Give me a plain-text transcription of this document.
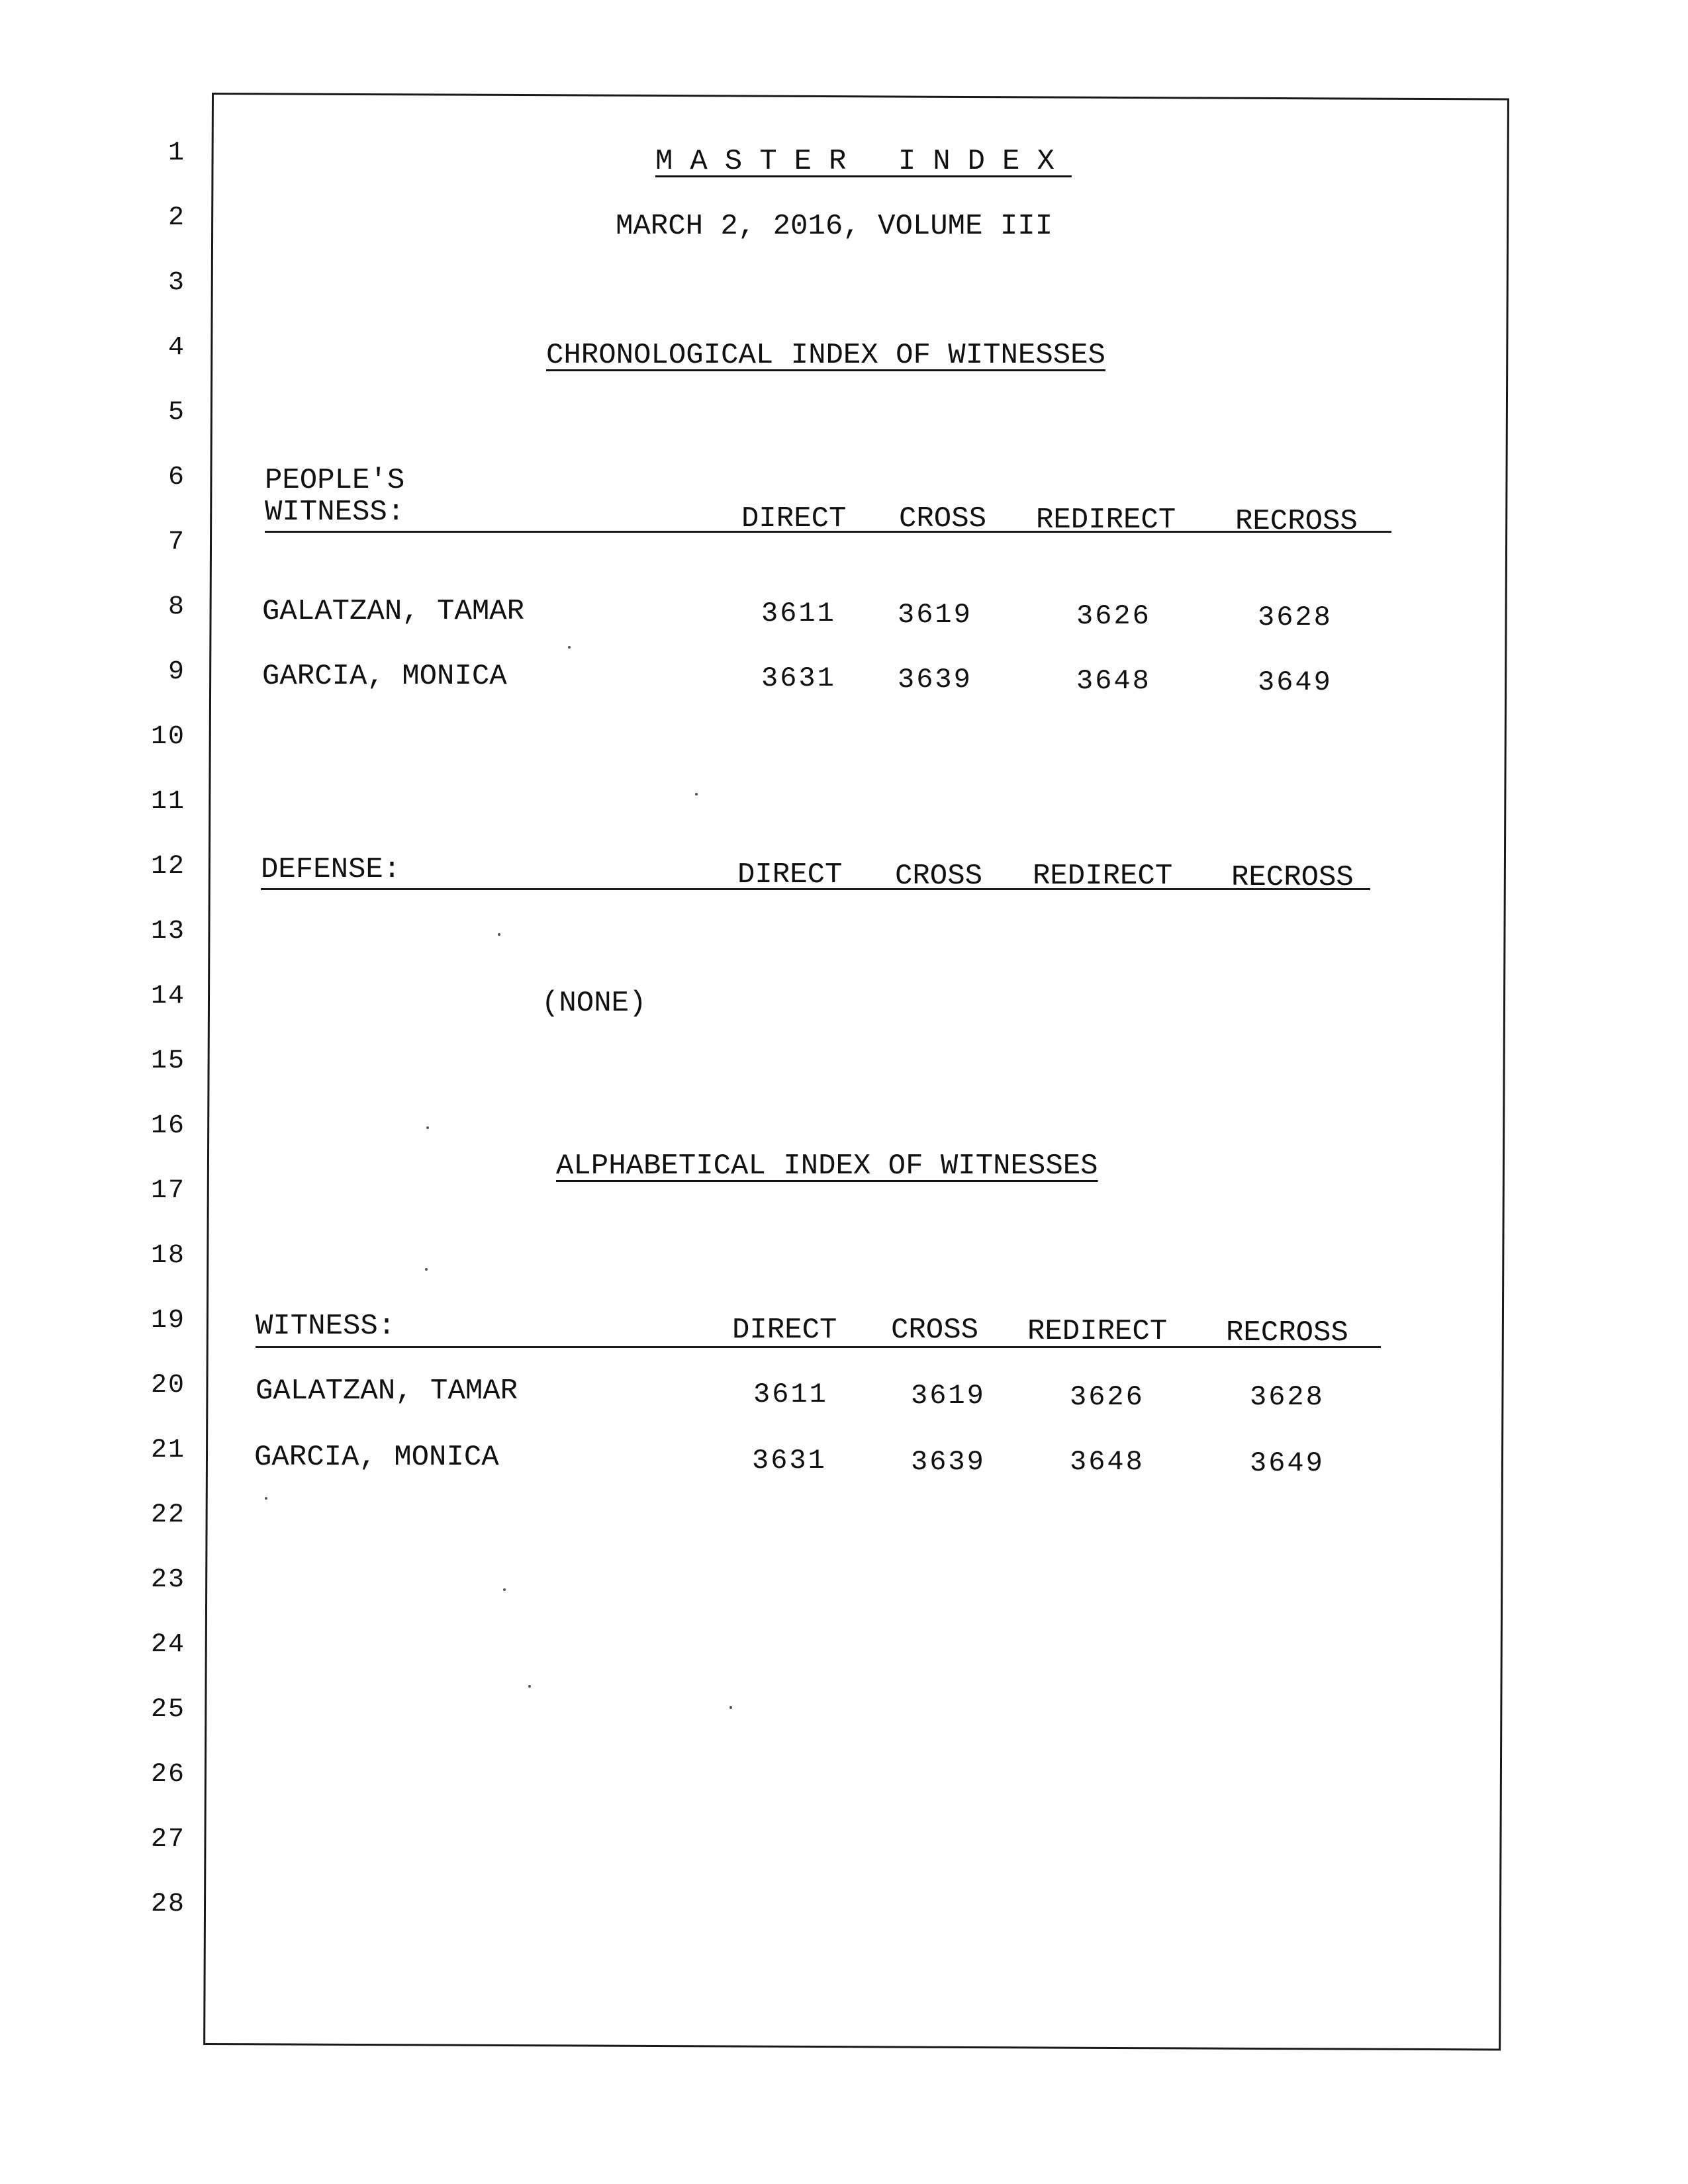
1
2
3
4
5
6
7
8
9
10
11
12
13
14
15
16
17
18
19
20
21
22
23
24
25
26
27
28
MASTER INDEX
MARCH 2, 2016, VOLUME III
CHRONOLOGICAL INDEX OF WITNESSES
PEOPLE'S
WITNESS:	DIRECT CROSS REDIRECT RECROSS
GALATZAN, TAMAR	3611 3619	3626	3628
GARCIA, MONICA	3631 3639	3648	3649
DEFENSE:	DIRECT CROSS REDIRECT RECROSS
(NONE)
ALPHABETICAL INDEX OF WITNESSES
WITNESS:	DIRECT CROSS REDIRECT RECROSS
GALATZAN, TAMAR	3611	3619	3626	3628
GARCIA, MONICA	3631	3639	3648	3649
